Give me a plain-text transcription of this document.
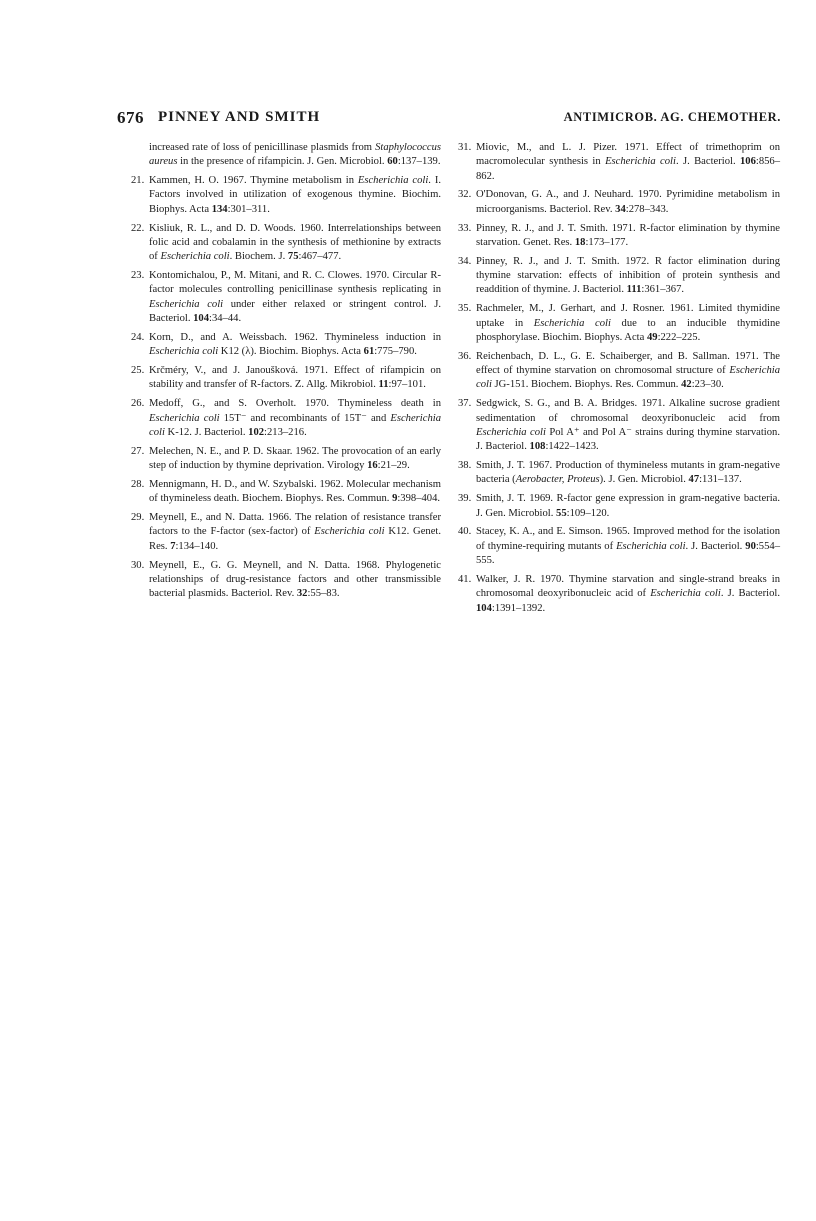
676 PINNEY AND SMITH	ANTIMICROB. AG. CHEMOTHER.

increased rate of loss of penicillinase plasmids from Staphylococcus aureus in the presence of rifampicin. J. Gen. Microbiol. 60:137–139.

21. Kammen, H. O. 1967. Thymine metabolism in Escherichia coli. I. Factors involved in utilization of exogenous thymine. Biochim. Biophys. Acta 134:301–311.

22. Kisliuk, R. L., and D. D. Woods. 1960. Interrelationships between folic acid and cobalamin in the synthesis of methionine by extracts of Escherichia coli. Biochem. J. 75:467–477.

23. Kontomichalou, P., M. Mitani, and R. C. Clowes. 1970. Circular R-factor molecules controlling penicillinase synthesis replicating in Escherichia coli under either relaxed or stringent control. J. Bacteriol. 104:34–44.

24. Korn, D., and A. Weissbach. 1962. Thymineless induction in Escherichia coli K12 (λ). Biochim. Biophys. Acta 61:775–790.

25. Krčméry, V., and J. Janoušková. 1971. Effect of rifampicin on stability and transfer of R-factors. Z. Allg. Mikrobiol. 11:97–101.

26. Medoff, G., and S. Overholt. 1970. Thymineless death in Escherichia coli 15T⁻ and recombinants of 15T⁻ and Escherichia coli K-12. J. Bacteriol. 102:213–216.

27. Melechen, N. E., and P. D. Skaar. 1962. The provocation of an early step of induction by thymine deprivation. Virology 16:21–29.

28. Mennigmann, H. D., and W. Szybalski. 1962. Molecular mechanism of thymineless death. Biochem. Biophys. Res. Commun. 9:398–404.

29. Meynell, E., and N. Datta. 1966. The relation of resistance transfer factors to the F-factor (sex-factor) of Escherichia coli K12. Genet. Res. 7:134–140.

30. Meynell, E., G. G. Meynell, and N. Datta. 1968. Phylogenetic relationships of drug-resistance factors and other transmissible bacterial plasmids. Bacteriol. Rev. 32:55–83.

31. Miovic, M., and L. J. Pizer. 1971. Effect of trimethoprim on macromolecular synthesis in Escherichia coli. J. Bacteriol. 106:856–862.

32. O'Donovan, G. A., and J. Neuhard. 1970. Pyrimidine metabolism in microorganisms. Bacteriol. Rev. 34:278–343.

33. Pinney, R. J., and J. T. Smith. 1971. R-factor elimination by thymine starvation. Genet. Res. 18:173–177.

34. Pinney, R. J., and J. T. Smith. 1972. R factor elimination during thymine starvation: effects of inhibition of protein synthesis and readdition of thymine. J. Bacteriol. 111:361–367.

35. Rachmeler, M., J. Gerhart, and J. Rosner. 1961. Limited thymidine uptake in Escherichia coli due to an inducible thymidine phosphorylase. Biochim. Biophys. Acta 49:222–225.

36. Reichenbach, D. L., G. E. Schaiberger, and B. Sallman. 1971. The effect of thymine starvation on chromosomal structure of Escherichia coli JG-151. Biochem. Biophys. Res. Commun. 42:23–30.

37. Sedgwick, S. G., and B. A. Bridges. 1971. Alkaline sucrose gradient sedimentation of chromosomal deoxyribonucleic acid from Escherichia coli Pol A⁺ and Pol A⁻ strains during thymine starvation. J. Bacteriol. 108:1422–1423.

38. Smith, J. T. 1967. Production of thymineless mutants in gram-negative bacteria (Aerobacter, Proteus). J. Gen. Microbiol. 47:131–137.

39. Smith, J. T. 1969. R-factor gene expression in gram-negative bacteria. J. Gen. Microbiol. 55:109–120.

40. Stacey, K. A., and E. Simson. 1965. Improved method for the isolation of thymine-requiring mutants of Escherichia coli. J. Bacteriol. 90:554–555.

41. Walker, J. R. 1970. Thymine starvation and single-strand breaks in chromosomal deoxyribonucleic acid of Escherichia coli. J. Bacteriol. 104:1391–1392.
